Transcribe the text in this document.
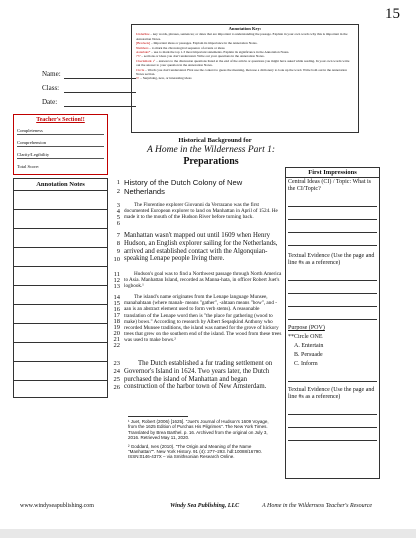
15
Annotation Key:
Underline – key words, phrases, sentences; or dates that are important to understanding the passage. Explain in your own words why this is important in the Annotation Notes.
[Brackets] – Important ideas or passages. Explain its importance in the Annotation Notes.
Numbers – to mark the chronological sequence of events or ideas
Asterisks* – use to mark the top 1-3 most important statements. Explain its significance in the Annotation Notes.
??? – sections or ideas you don't understand. Write out your questions in the Annotation Notes.
Checkmark ✓ – answers to the discussion questions listed at the end of the article or questions you might have asked while reading. In your own words write out the answer to your question in the Annotation Notes.
Circle – Words you don't understand. First use the context to guess the meaning, then use a dictionary to look up the word. Write both out in the Annotation Notes section.
!!! – Surprising, new, or interesting ideas
Name:
Class:
Date:
Teacher's Section!!
Completeness
Comprehension
Clarity/Legibility
Total Score:
Annotation Notes
Historical Background for
A Home in the Wilderness Part 1:
Preparations
1
2
History of the Dutch Colony of New Netherlands
3
4
5
6
The Florentine explorer Giovanni da Verrazano was the first documented European explorer to land on Manhattan in April of 1524. He made it to the mouth of the Hudson River before turning back.
7
8
9
10
Manhattan wasn't mapped out until 1609 when Henry Hudson, an English explorer sailing for the Netherlands, arrived and established contact with the Algonquian-speaking Lenape people living there.
11
12
13
Hudson's goal was to find a Northwest passage through North America to Asia. Manhattan Island, recorded as Manna-hata, in officer Robert Juet's logbook.¹
14
15
16
17
18
19
20
21
22
The island's name originates from the Lenape language Munsee, manahahtaan (where manah- means "gather", -ahtaan means "bow", and -aan is an abstract element used to form verb stems). A reasonable translation of the Lenape word then is "the place for gathering (wood to make) bows." According to research by Albert Seqaqkind Anthony who recorded Munsee traditions, the island was named for the grove of hickory trees that grew on the southern end of the island. The wood from these trees was used to make bows.²
23
24
25
26
The Dutch established a fur trading settlement on Governor's Island in 1624. Two years later, the Dutch purchased the island of Manhattan and began construction of the harbor town of New Amsterdam.
First Impressions
Central Ideas (CI) / Topic: What is the CI/Topic?
Textual Evidence (Use the page and line #s as a reference)
Purpose (POV)
**Circle ONE
A. Entertain
B. Persuade
C. Inform
Textual Evidence (Use the page and line #s as a reference)
¹ Juet, Robert (2006) [1625]. "Juet's Journal of Hudson's 1609 Voyage, from the 1625 Edition of Purchas His Pilgrimes". The New York Times. Translated by Brea Barthel. p. 16. Archived from the original on July 3, 2016. Retrieved May 11, 2020.
² Goddard, Ives (2010). "The Origin and Meaning of the Name "Manhattan"". New York History. 91 (4): 277–293. hdl:10088/16790. ISSN:0146-437X – via Smithsonian Research Online.
www.windyseapublishing.com	Windy Sea Publishing, LLC	A Home in the Wilderness Teacher's Resource
